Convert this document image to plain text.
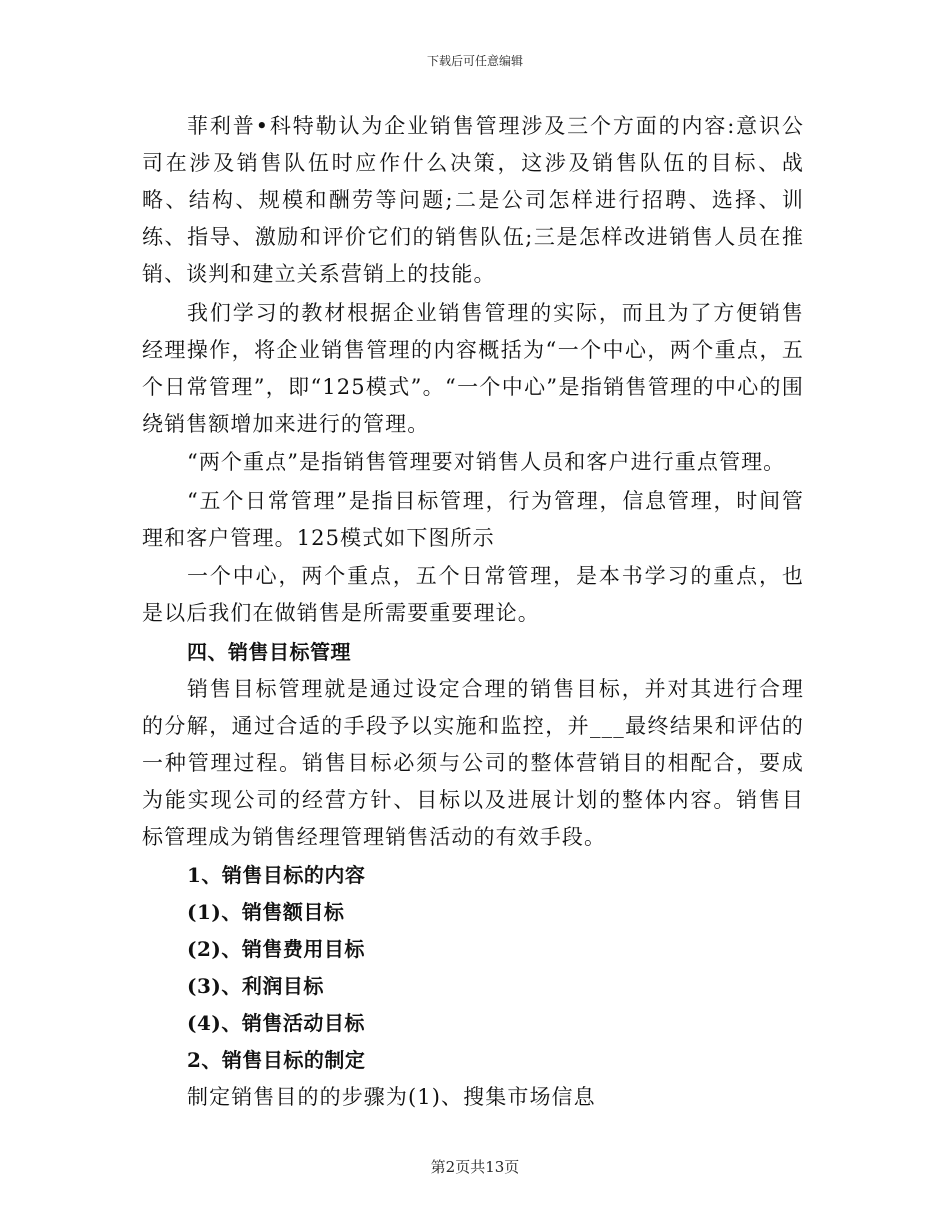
下载后可任意编辑

菲利普•科特勒认为企业销售管理涉及三个方面的内容:意识公司在涉及销售队伍时应作什么决策，这涉及销售队伍的目标、战略、结构、规模和酬劳等问题;二是公司怎样进行招聘、选择、训练、指导、激励和评价它们的销售队伍;三是怎样改进销售人员在推销、谈判和建立关系营销上的技能。

我们学习的教材根据企业销售管理的实际，而且为了方便销售经理操作，将企业销售管理的内容概括为“一个中心，两个重点，五个日常管理”，即“125模式”。“一个中心”是指销售管理的中心的围绕销售额增加来进行的管理。

“两个重点”是指销售管理要对销售人员和客户进行重点管理。

“五个日常管理”是指目标管理，行为管理，信息管理，时间管理和客户管理。125模式如下图所示

一个中心，两个重点，五个日常管理，是本书学习的重点，也是以后我们在做销售是所需要重要理论。

四、销售目标管理

销售目标管理就是通过设定合理的销售目标，并对其进行合理的分解，通过合适的手段予以实施和监控，并___最终结果和评估的一种管理过程。销售目标必须与公司的整体营销目的相配合，要成为能实现公司的经营方针、目标以及进展计划的整体内容。销售目标管理成为销售经理管理销售活动的有效手段。

1、销售目标的内容
(1)、销售额目标
(2)、销售费用目标
(3)、利润目标
(4)、销售活动目标
2、销售目标的制定

制定销售目的的步骤为(1)、搜集市场信息

第2页共13页
